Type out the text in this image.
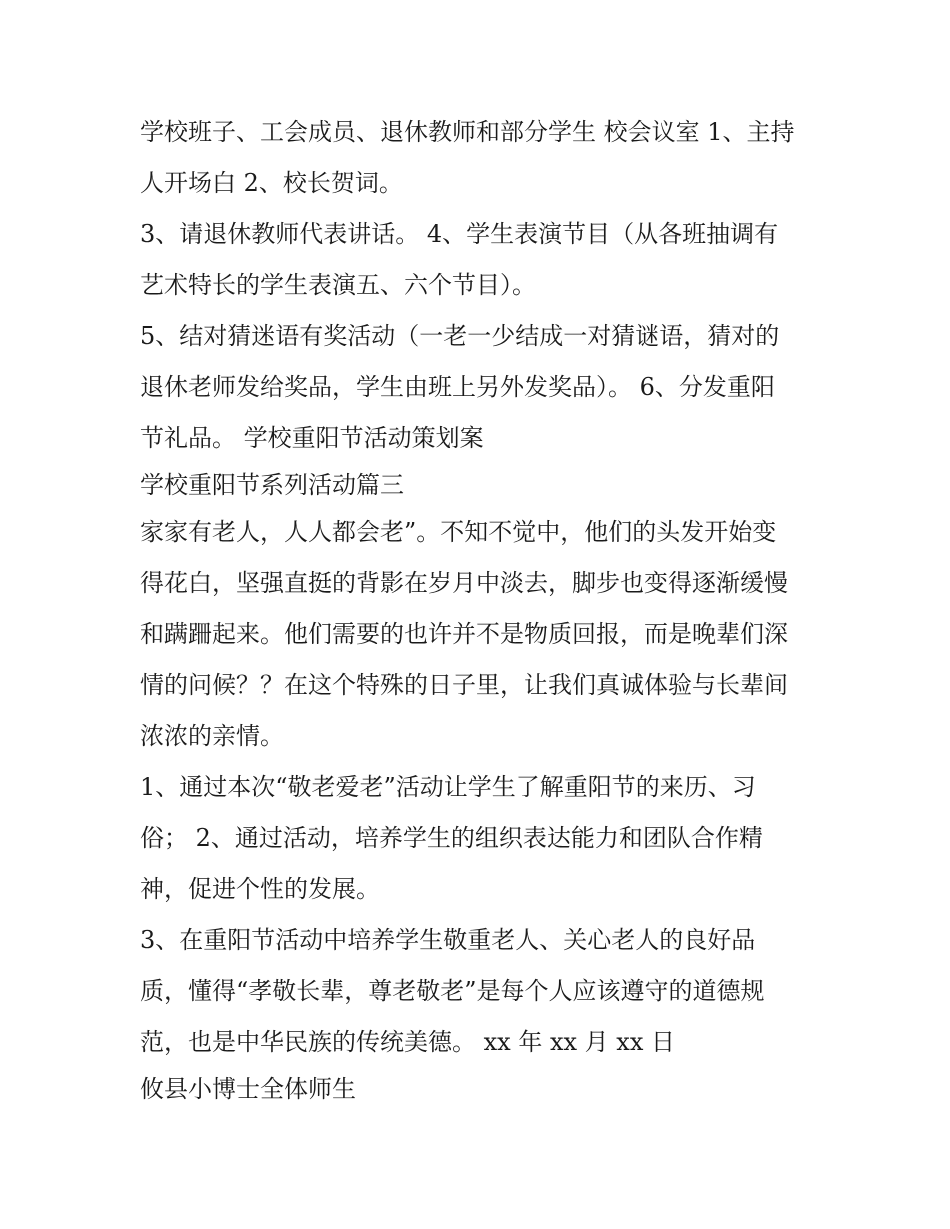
学校班子、工会成员、退休教师和部分学生 校会议室 1、主持
人开场白 2、校长贺词。

3、请退休教师代表讲话。 4、学生表演节目（从各班抽调有
艺术特长的学生表演五、六个节目）。

5、结对猜迷语有奖活动（一老一少结成一对猜谜语，猜对的
退休老师发给奖品，学生由班上另外发奖品）。 6、分发重阳
节礼品。 学校重阳节活动策划案

学校重阳节系列活动篇三

家家有老人，人人都会老”。不知不觉中，他们的头发开始变
得花白，坚强直挺的背影在岁月中淡去，脚步也变得逐渐缓慢
和蹒跚起来。他们需要的也许并不是物质回报，而是晚辈们深
情的问候？？在这个特殊的日子里，让我们真诚体验与长辈间
浓浓的亲情。

1、通过本次“敬老爱老”活动让学生了解重阳节的来历、习
俗； 2、通过活动，培养学生的组织表达能力和团队合作精
神，促进个性的发展。

3、在重阳节活动中培养学生敬重老人、关心老人的良好品
质，懂得“孝敬长辈，尊老敬老”是每个人应该遵守的道德规
范，也是中华民族的传统美德。 xx 年 xx 月 xx 日

攸县小博士全体师生
